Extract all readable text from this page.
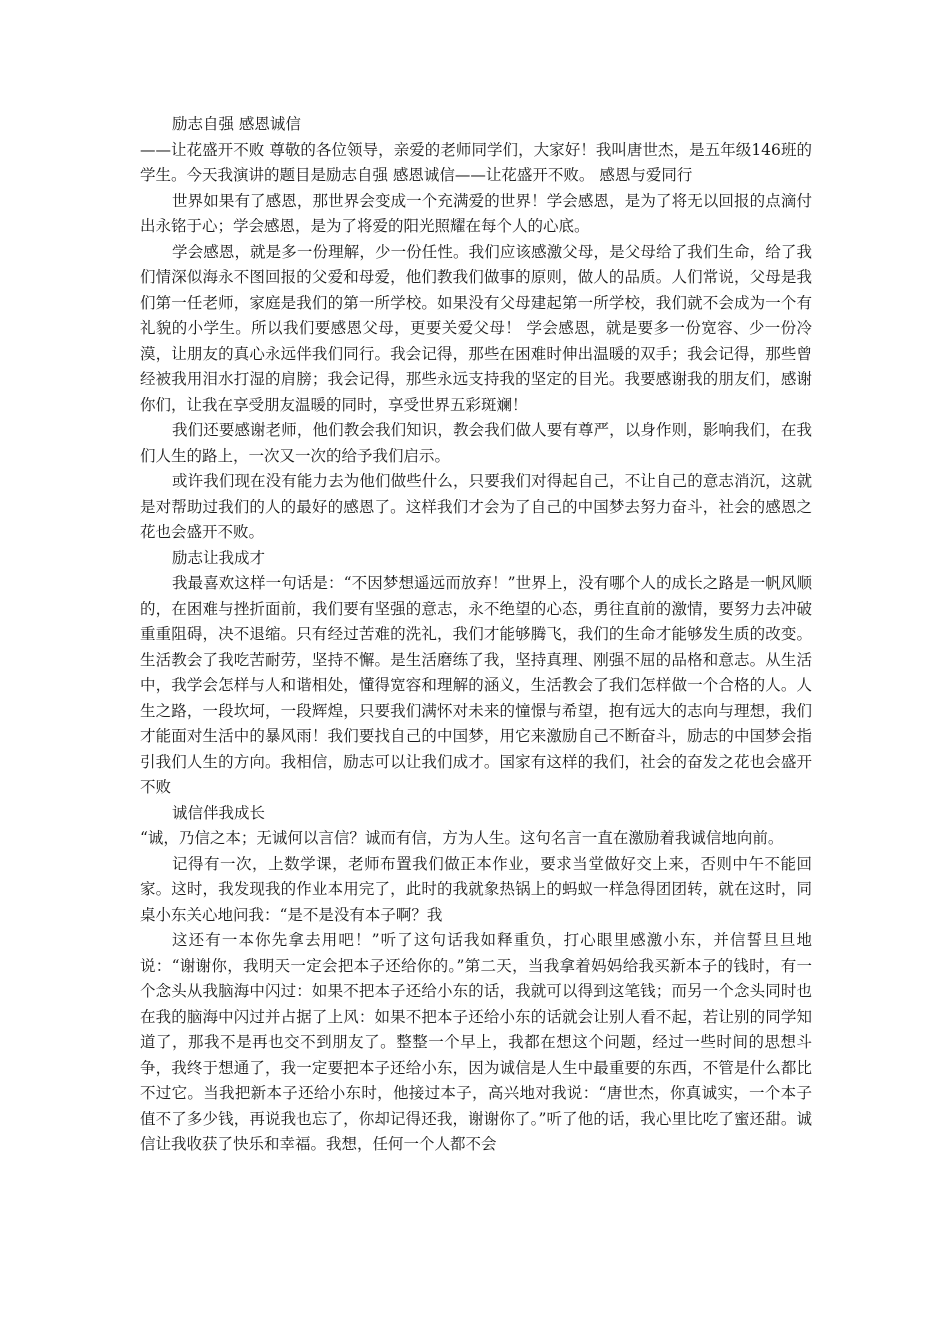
励志自强 感恩诚信

——让花盛开不败 尊敬的各位领导，亲爱的老师同学们，大家好！我叫唐世杰，是五年级146班的学生。今天我演讲的题目是励志自强 感恩诚信——让花盛开不败。 感恩与爱同行

世界如果有了感恩，那世界会变成一个充满爱的世界！学会感恩，是为了将无以回报的点滴付出永铭于心；学会感恩，是为了将爱的阳光照耀在每个人的心底。

学会感恩，就是多一份理解，少一份任性。我们应该感激父母，是父母给了我们生命，给了我们情深似海永不图回报的父爱和母爱，他们教我们做事的原则，做人的品质。人们常说，父母是我们第一任老师，家庭是我们的第一所学校。如果没有父母建起第一所学校，我们就不会成为一个有礼貌的小学生。所以我们要感恩父母，更要关爱父母！ 学会感恩，就是要多一份宽容、少一份冷漠，让朋友的真心永远伴我们同行。我会记得，那些在困难时伸出温暖的双手；我会记得，那些曾经被我用泪水打湿的肩膀；我会记得，那些永远支持我的坚定的目光。我要感谢我的朋友们，感谢你们，让我在享受朋友温暖的同时，享受世界五彩斑斓！

我们还要感谢老师，他们教会我们知识，教会我们做人要有尊严，以身作则，影响我们，在我们人生的路上，一次又一次的给予我们启示。

或许我们现在没有能力去为他们做些什么，只要我们对得起自己，不让自己的意志消沉，这就是对帮助过我们的人的最好的感恩了。这样我们才会为了自己的中国梦去努力奋斗，社会的感恩之花也会盛开不败。

励志让我成才

我最喜欢这样一句话是：“不因梦想遥远而放弃！”世界上，没有哪个人的成长之路是一帆风顺的，在困难与挫折面前，我们要有坚强的意志，永不绝望的心态，勇往直前的激情，要努力去冲破重重阻碍，决不退缩。只有经过苦难的洗礼，我们才能够腾飞，我们的生命才能够发生质的改变。生活教会了我吃苦耐劳，坚持不懈。是生活磨练了我，坚持真理、刚强不屈的品格和意志。从生活中，我学会怎样与人和谐相处，懂得宽容和理解的涵义，生活教会了我们怎样做一个合格的人。人生之路，一段坎坷，一段辉煌，只要我们满怀对未来的憧憬与希望，抱有远大的志向与理想，我们才能面对生活中的暴风雨！我们要找自己的中国梦，用它来激励自己不断奋斗，励志的中国梦会指引我们人生的方向。我相信，励志可以让我们成才。国家有这样的我们，社会的奋发之花也会盛开不败

诚信伴我成长

“诚，乃信之本；无诚何以言信？诚而有信，方为人生。这句名言一直在激励着我诚信地向前。

记得有一次，上数学课，老师布置我们做正本作业，要求当堂做好交上来，否则中午不能回家。这时，我发现我的作业本用完了，此时的我就象热锅上的蚂蚁一样急得团团转，就在这时，同桌小东关心地问我：“是不是没有本子啊？我

这还有一本你先拿去用吧！”听了这句话我如释重负，打心眼里感激小东，并信誓旦旦地说：“谢谢你，我明天一定会把本子还给你的。”第二天，当我拿着妈妈给我买新本子的钱时，有一个念头从我脑海中闪过：如果不把本子还给小东的话，我就可以得到这笔钱；而另一个念头同时也在我的脑海中闪过并占据了上风：如果不把本子还给小东的话就会让别人看不起，若让别的同学知道了，那我不是再也交不到朋友了。整整一个早上，我都在想这个问题，经过一些时间的思想斗争，我终于想通了，我一定要把本子还给小东，因为诚信是人生中最重要的东西，不管是什么都比不过它。当我把新本子还给小东时，他接过本子，高兴地对我说：“唐世杰，你真诚实，一个本子值不了多少钱，再说我也忘了，你却记得还我，谢谢你了。”听了他的话，我心里比吃了蜜还甜。诚信让我收获了快乐和幸福。我想，任何一个人都不会
